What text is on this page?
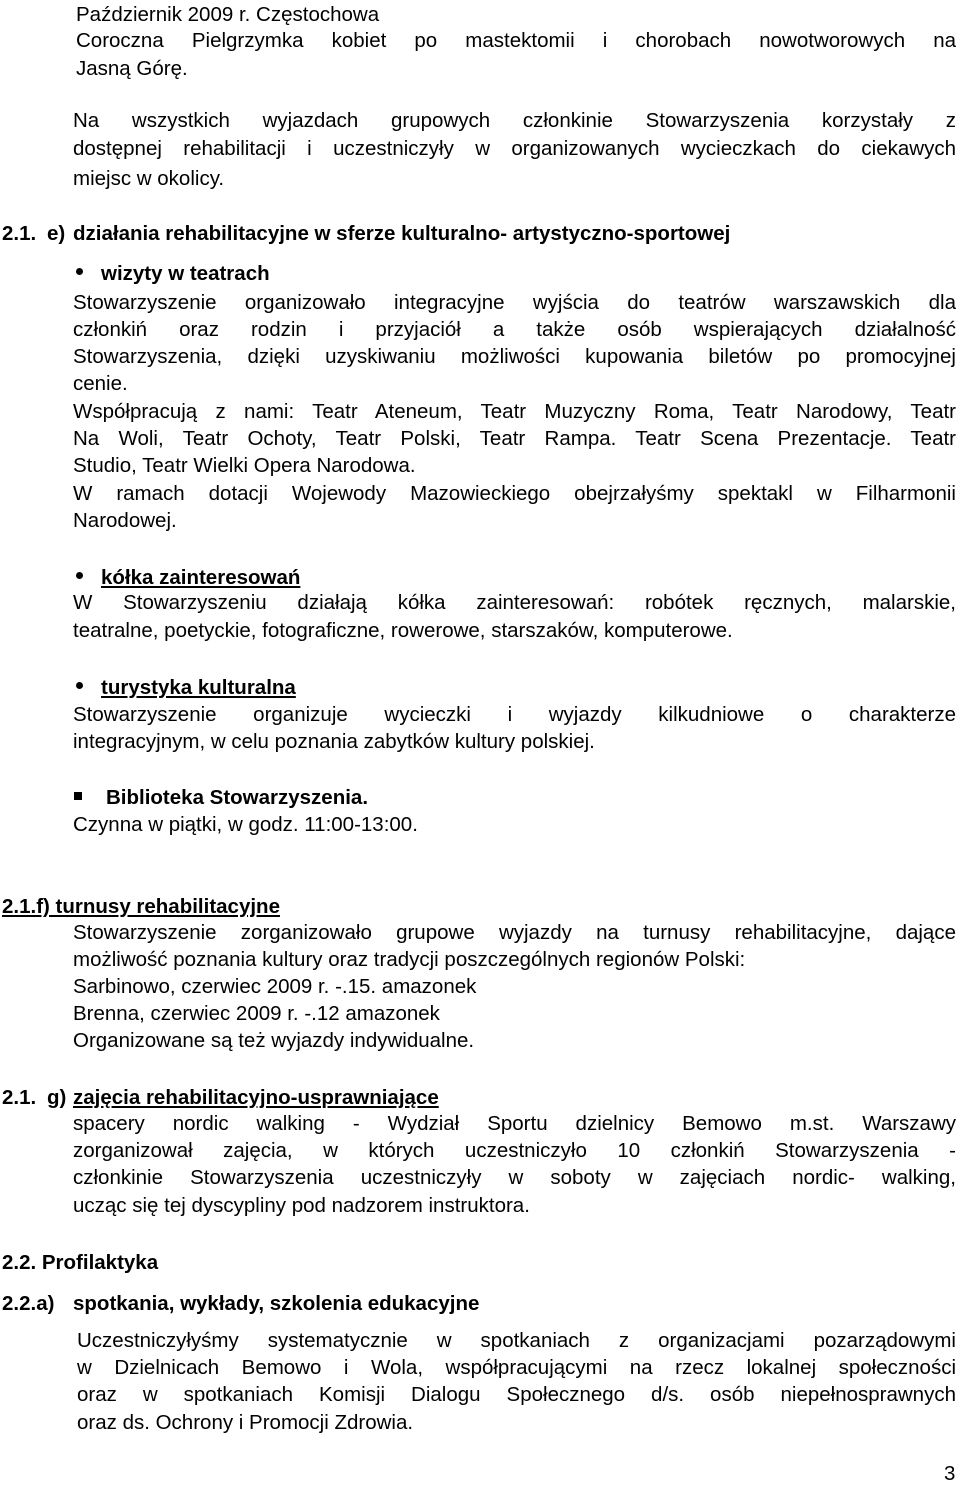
Październik 2009 r. Częstochowa
Coroczna Pielgrzymka kobiet po mastektomii i chorobach nowotworowych na
Jasną Górę.
Na wszystkich wyjazdach grupowych członkinie Stowarzyszenia korzystały z
dostępnej rehabilitacji i uczestniczyły w organizowanych wycieczkach do ciekawych
miejsc w okolicy.
2.1. e) działania rehabilitacyjne w sferze kulturalno- artystyczno-sportowej
wizyty w teatrach
Stowarzyszenie organizowało integracyjne wyjścia do teatrów warszawskich dla
członkiń oraz rodzin i przyjaciół a także osób wspierających działalność
Stowarzyszenia, dzięki uzyskiwaniu możliwości kupowania biletów po promocyjnej
cenie.
Współpracują z nami: Teatr Ateneum, Teatr Muzyczny Roma, Teatr Narodowy, Teatr
Na Woli, Teatr Ochoty, Teatr Polski, Teatr Rampa. Teatr Scena Prezentacje. Teatr
Studio, Teatr Wielki Opera Narodowa.
W ramach dotacji Wojewody Mazowieckiego obejrzałyśmy spektakl w Filharmonii
Narodowej.
kółka zainteresowań
W Stowarzyszeniu działają kółka zainteresowań: robótek ręcznych, malarskie,
teatralne, poetyckie, fotograficzne, rowerowe, starszaków, komputerowe.
turystyka kulturalna
Stowarzyszenie organizuje wycieczki i wyjazdy kilkudniowe o charakterze
integracyjnym, w celu poznania zabytków kultury polskiej.
Biblioteka Stowarzyszenia.
Czynna w piątki, w godz. 11:00-13:00.
2.1.f) turnusy rehabilitacyjne
Stowarzyszenie zorganizowało grupowe wyjazdy na turnusy rehabilitacyjne, dające
możliwość poznania kultury oraz tradycji poszczególnych regionów Polski:
Sarbinowo, czerwiec 2009 r. -.15. amazonek
Brenna, czerwiec 2009 r. -.12 amazonek
Organizowane są też wyjazdy indywidualne.
2.1. g) zajęcia rehabilitacyjno-usprawniające
spacery nordic walking - Wydział Sportu dzielnicy Bemowo m.st. Warszawy
zorganizował zajęcia, w których uczestniczyło 10 członkiń Stowarzyszenia -
członkinie Stowarzyszenia uczestniczyły w soboty w zajęciach nordic- walking,
ucząc się tej dyscypliny pod nadzorem instruktora.
2.2. Profilaktyka
2.2.a) spotkania, wykłady, szkolenia edukacyjne
Uczestniczyłyśmy systematycznie w spotkaniach z organizacjami pozarządowymi
w Dzielnicach Bemowo i Wola, współpracującymi na rzecz lokalnej społeczności
oraz w spotkaniach Komisji Dialogu Społecznego d/s. osób niepełnosprawnych
oraz ds. Ochrony i Promocji Zdrowia.
3
